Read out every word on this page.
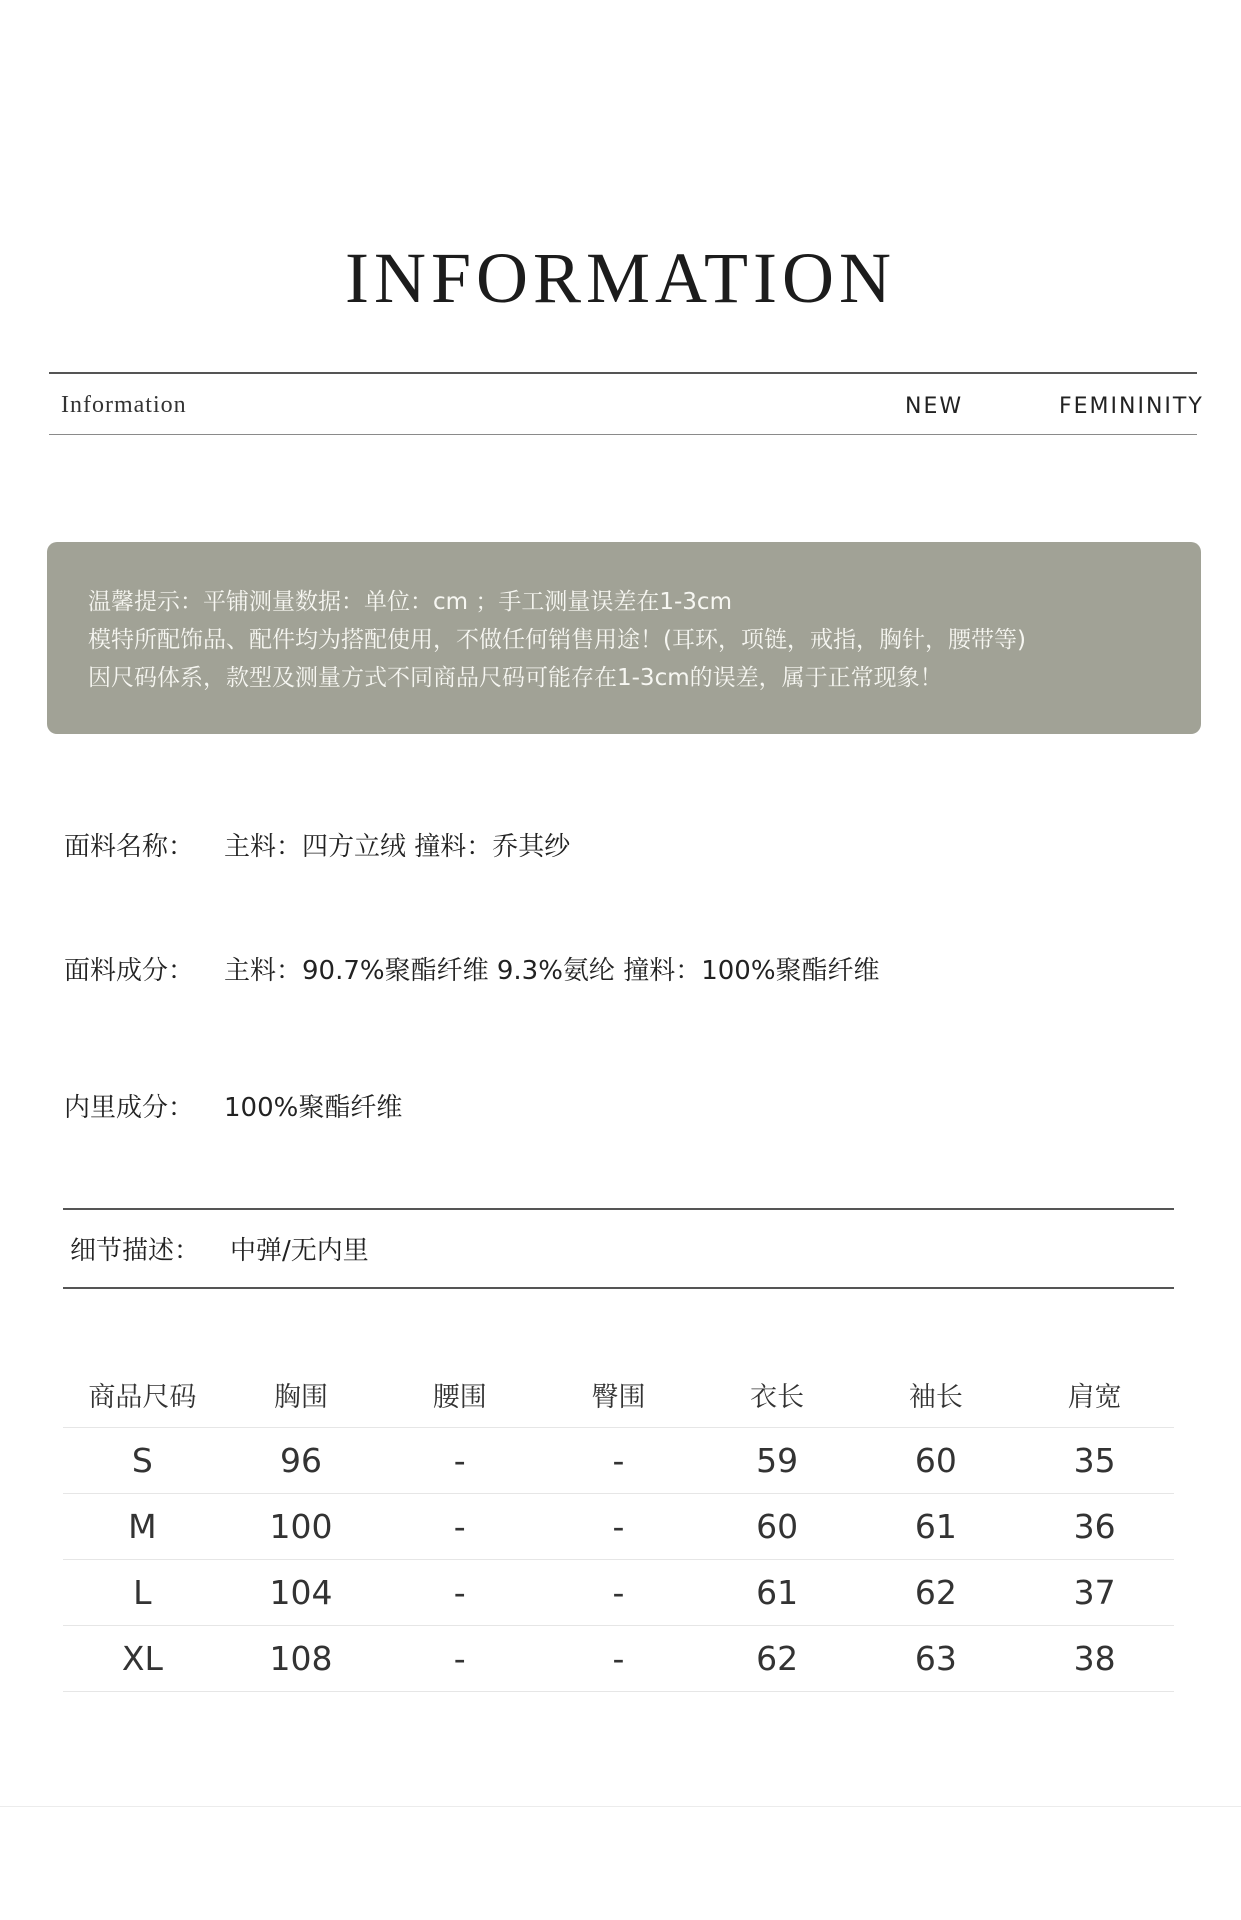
INFORMATION
Information	NEW	FEMININITY
温馨提示：平铺测量数据：单位：cm ；手工测量误差在1-3cm
模特所配饰品、配件均为搭配使用，不做任何销售用途！(耳环，项链，戒指，胸针，腰带等)
因尺码体系，款型及测量方式不同商品尺码可能存在1-3cm的误差，属于正常现象！
面料名称： 主料：四方立绒 撞料：乔其纱
面料成分： 主料：90.7%聚酯纤维 9.3%氨纶 撞料：100%聚酯纤维
内里成分： 100%聚酯纤维
细节描述： 中弹/无内里
商品尺码	胸围	腰围	臀围	衣长	袖长	肩宽
S	96	-	-	59	60	35
M	100	-	-	60	61	36
L	104	-	-	61	62	37
XL	108	-	-	62	63	38
